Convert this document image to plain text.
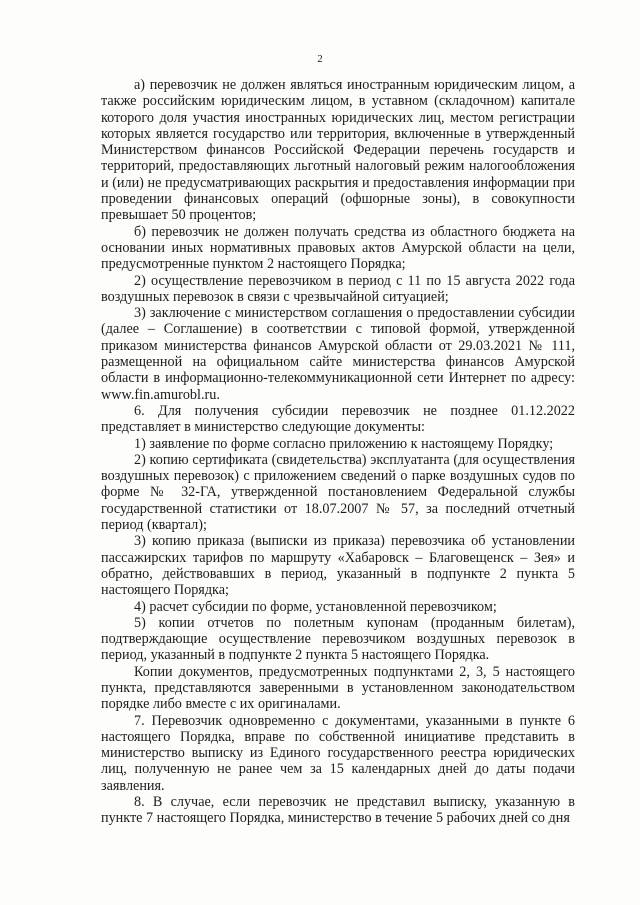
2

а) перевозчик не должен являться иностранным юридическим лицом, а также российским юридическим лицом, в уставном (складочном) капитале которого доля участия иностранных юридических лиц, местом регистрации которых является государство или территория, включенные в утвержденный Министерством финансов Российской Федерации перечень государств и территорий, предоставляющих льготный налоговый режим налогообложения и (или) не предусматривающих раскрытия и предоставления информации при проведении финансовых операций (офшорные зоны), в совокупности превышает 50 процентов;

б) перевозчик не должен получать средства из областного бюджета на основании иных нормативных правовых актов Амурской области на цели, предусмотренные пунктом 2 настоящего Порядка;

2) осуществление перевозчиком в период с 11 по 15 августа 2022 года воздушных перевозок в связи с чрезвычайной ситуацией;

3) заключение с министерством соглашения о предоставлении субсидии (далее – Соглашение) в соответствии с типовой формой, утвержденной приказом министерства финансов Амурской области от 29.03.2021 № 111, размещенной на официальном сайте министерства финансов Амурской области в информационно-телекоммуникационной сети Интернет по адресу: www.fin.amurobl.ru.

6. Для получения субсидии перевозчик не позднее 01.12.2022 представляет в министерство следующие документы:

1) заявление по форме согласно приложению к настоящему Порядку;

2) копию сертификата (свидетельства) эксплуатанта (для осуществления воздушных перевозок) с приложением сведений о парке воздушных судов по форме № 32-ГА, утвержденной постановлением Федеральной службы государственной статистики от 18.07.2007 № 57, за последний отчетный период (квартал);

3) копию приказа (выписки из приказа) перевозчика об установлении пассажирских тарифов по маршруту «Хабаровск – Благовещенск – Зея» и обратно, действовавших в период, указанный в подпункте 2 пункта 5 настоящего Порядка;

4) расчет субсидии по форме, установленной перевозчиком;

5) копии отчетов по полетным купонам (проданным билетам), подтверждающие осуществление перевозчиком воздушных перевозок в период, указанный в подпункте 2 пункта 5 настоящего Порядка.

Копии документов, предусмотренных подпунктами 2, 3, 5 настоящего пункта, представляются заверенными в установленном законодательством порядке либо вместе с их оригиналами.

7. Перевозчик одновременно с документами, указанными в пункте 6 настоящего Порядка, вправе по собственной инициативе представить в министерство выписку из Единого государственного реестра юридических лиц, полученную не ранее чем за 15 календарных дней до даты подачи заявления.

8. В случае, если перевозчик не представил выписку, указанную в пункте 7 настоящего Порядка, министерство в течение 5 рабочих дней со дня
